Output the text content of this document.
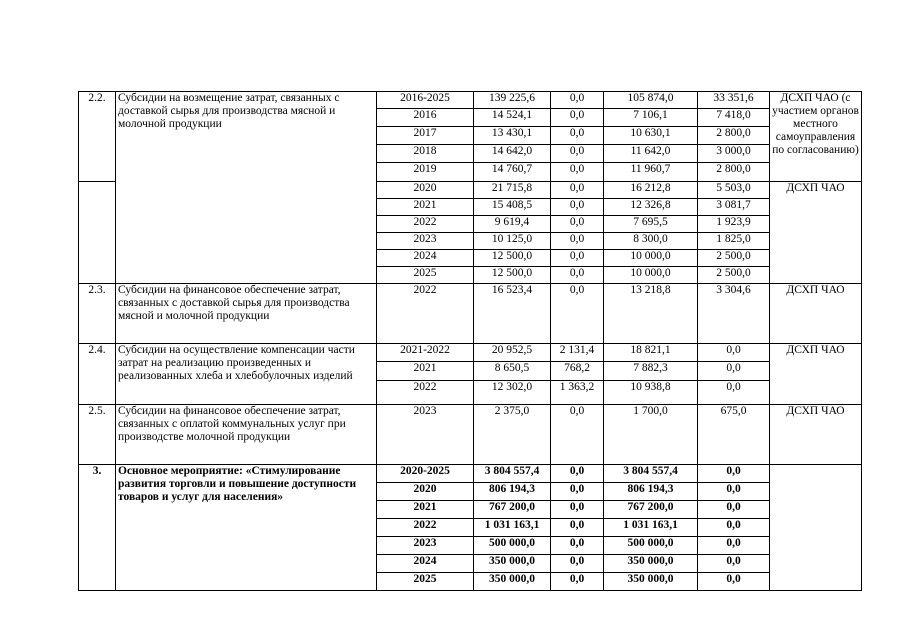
2.2.	Субсидии на возмещение затрат, связанных с доставкой сырья для производства мясной и молочной продукции	2016-2025	139 225,6	0,0	105 874,0	33 351,6	ДСХП ЧАО (с участием органов местного самоуправления по согласованию)
		2016	14 524,1	0,0	7 106,1	7 418,0	
		2017	13 430,1	0,0	10 630,1	2 800,0	
		2018	14 642,0	0,0	11 642,0	3 000,0	
		2019	14 760,7	0,0	11 960,7	2 800,0	
		2020	21 715,8	0,0	16 212,8	5 503,0	ДСХП ЧАО
		2021	15 408,5	0,0	12 326,8	3 081,7	
		2022	9 619,4	0,0	7 695,5	1 923,9	
		2023	10 125,0	0,0	8 300,0	1 825,0	
		2024	12 500,0	0,0	10 000,0	2 500,0	
		2025	12 500,0	0,0	10 000,0	2 500,0	
2.3.	Субсидии на финансовое обеспечение затрат, связанных с доставкой сырья для производства мясной и молочной продукции	2022	16 523,4	0,0	13 218,8	3 304,6	ДСХП ЧАО
2.4.	Субсидии на осуществление компенсации части затрат на реализацию произведенных и реализованных хлеба и хлебобулочных изделий	2021-2022	20 952,5	2 131,4	18 821,1	0,0	ДСХП ЧАО
		2021	8 650,5	768,2	7 882,3	0,0	
		2022	12 302,0	1 363,2	10 938,8	0,0	
2.5.	Субсидии на финансовое обеспечение затрат, связанных с оплатой коммунальных услуг при производстве молочной продукции	2023	2 375,0	0,0	1 700,0	675,0	ДСХП ЧАО
3.	Основное мероприятие: «Стимулирование развития торговли и повышение доступности товаров и услуг для населения»	2020-2025	3 804 557,4	0,0	3 804 557,4	0,0	
		2020	806 194,3	0,0	806 194,3	0,0	
		2021	767 200,0	0,0	767 200,0	0,0	
		2022	1 031 163,1	0,0	1 031 163,1	0,0	
		2023	500 000,0	0,0	500 000,0	0,0	
		2024	350 000,0	0,0	350 000,0	0,0	
		2025	350 000,0	0,0	350 000,0	0,0	
